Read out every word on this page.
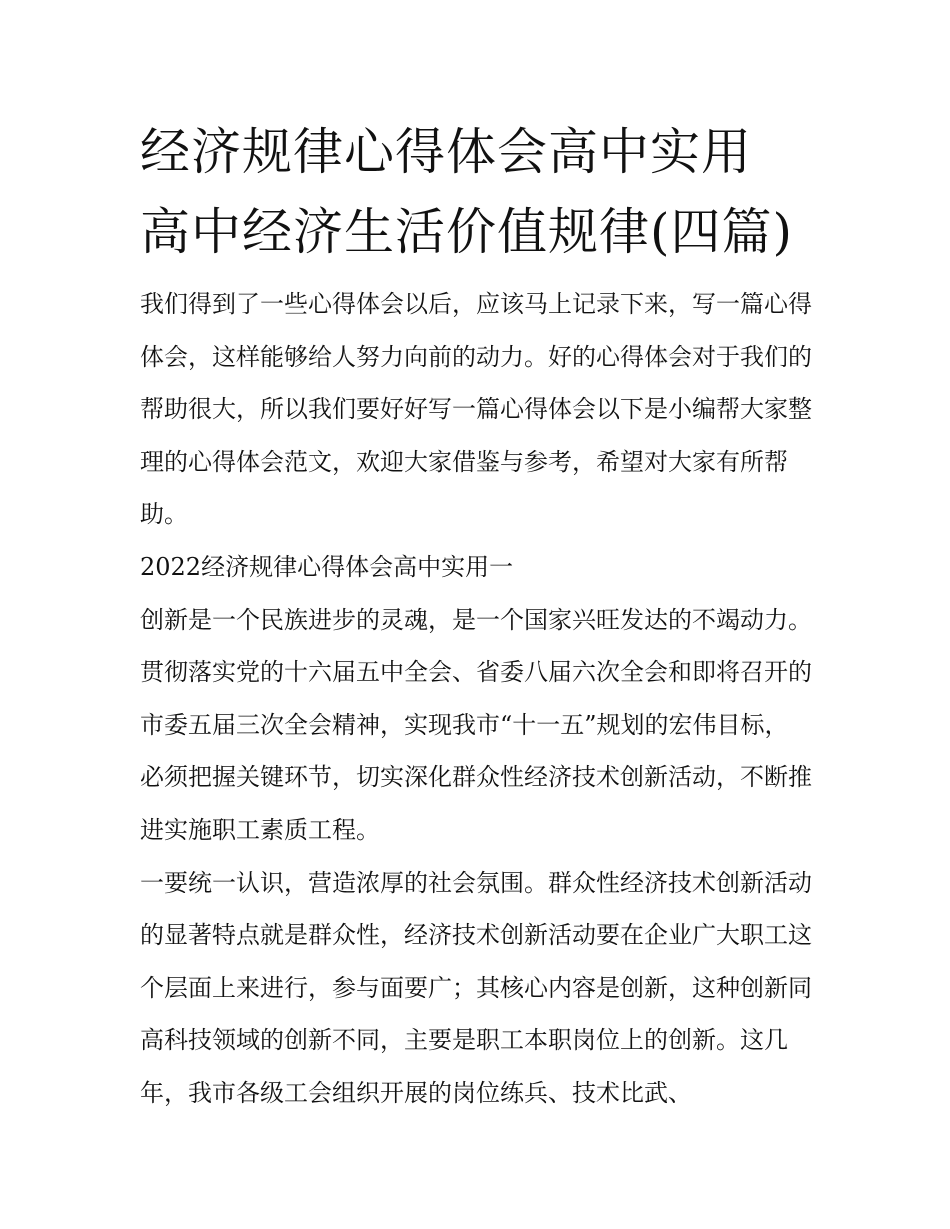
经济规律心得体会高中实用 高中经济生活价值规律(四篇)

我们得到了一些心得体会以后，应该马上记录下来，写一篇心得体会，这样能够给人努力向前的动力。好的心得体会对于我们的帮助很大，所以我们要好好写一篇心得体会以下是小编帮大家整理的心得体会范文，欢迎大家借鉴与参考，希望对大家有所帮助。

2022经济规律心得体会高中实用一

创新是一个民族进步的灵魂，是一个国家兴旺发达的不竭动力。贯彻落实党的十六届五中全会、省委八届六次全会和即将召开的市委五届三次全会精神，实现我市“十一五”规划的宏伟目标，必须把握关键环节，切实深化群众性经济技术创新活动，不断推进实施职工素质工程。

一要统一认识，营造浓厚的社会氛围。群众性经济技术创新活动的显著特点就是群众性，经济技术创新活动要在企业广大职工这个层面上来进行，参与面要广；其核心内容是创新，这种创新同高科技领域的创新不同，主要是职工本职岗位上的创新。这几年，我市各级工会组织开展的岗位练兵、技术比武、
